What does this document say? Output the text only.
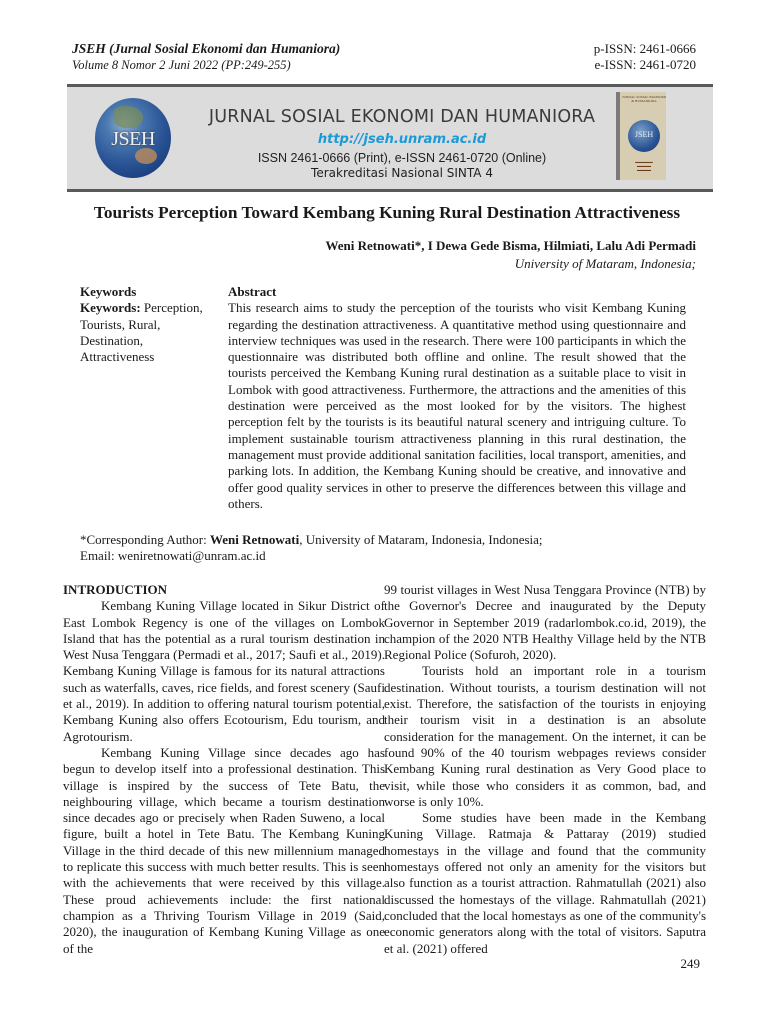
JSEH (Jurnal Sosial Ekonomi dan Humaniora)
Volume 8 Nomor 2 Juni 2022 (PP:249-255)
p-ISSN: 2461-0666
e-ISSN: 2461-0720
JSEH
JURNAL SOSIAL EKONOMI DAN HUMANIORA
http://jseh.unram.ac.id
ISSN 2461-0666 (Print), e-ISSN 2461-0720 (Online)
Terakreditasi Nasional SINTA 4
JURNAL SOSIAL EKONOMI & HUMANIORA
JSEH
▬▬▬▬▬
▬▬▬▬
▬▬▬▬
Tourists Perception Toward Kembang Kuning Rural Destination Attractiveness
Weni Retnowati*, I Dewa Gede Bisma, Hilmiati, Lalu Adi Permadi
University of Mataram, Indonesia;
Keywords
Keywords: Perception,
Tourists, Rural,
Destination,
Attractiveness
Abstract
This research aims to study the perception of the tourists who visit Kembang Kuning regarding the destination attractiveness. A quantitative method using questionnaire and interview techniques was used in the research. There were 100 participants in which the questionnaire was distributed both offline and online. The result showed that the tourists perceived the Kembang Kuning rural destination as a suitable place to visit in Lombok with good attractiveness. Furthermore, the attractions and the amenities of this destination were perceived as the most looked for by the visitors. The highest perception felt by the tourists is its beautiful natural scenery and intriguing culture. To implement sustainable tourism attractiveness planning in this rural destination, the management must provide additional sanitation facilities, local transport, amenities, and parking lots. In addition, the Kembang Kuning should be creative, and innovative and offer good quality services in other to preserve the differences between this village and others.
*Corresponding Author: Weni Retnowati, University of Mataram, Indonesia, Indonesia;
Email: weniretnowati@unram.ac.id
INTRODUCTION

Kembang Kuning Village located in Sikur District of East Lombok Regency is one of the villages on Lombok Island that has the potential as a rural tourism destination in West Nusa Tenggara (Permadi et al., 2017; Saufi et al., 2019). Kembang Kuning Village is famous for its natural attractions such as waterfalls, caves, rice fields, and forest scenery (Saufi et al., 2019). In addition to offering natural tourism potential, Kembang Kuning also offers Ecotourism, Edu tourism, and Agrotourism.

Kembang Kuning Village since decades ago has begun to develop itself into a professional destination. This village is inspired by the success of Tete Batu, the neighbouring village, which became a tourism destination since decades ago or precisely when Raden Suweno, a local figure, built a hotel in Tete Batu. The Kembang Kuning Village in the third decade of this new millennium managed to replicate this success with much better results. This is seen with the achievements that were received by this village. These proud achievements include: the first national champion as a Thriving Tourism Village in 2019 (Said, 2020), the inauguration of Kembang Kuning Village as one of the

99 tourist villages in West Nusa Tenggara Province (NTB) by the Governor's Decree and inaugurated by the Deputy Governor in September 2019 (radarlombok.co.id, 2019), the champion of the 2020 NTB Healthy Village held by the NTB Regional Police (Sofuroh, 2020).

Tourists hold an important role in a tourism destination. Without tourists, a tourism destination will not exist. Therefore, the satisfaction of the tourists in enjoying their tourism visit in a destination is an absolute consideration for the management. On the internet, it can be found 90% of the 40 tourism webpages reviews consider Kembang Kuning rural destination as Very Good place to visit, while those who considers it as common, bad, and worse is only 10%.

Some studies have been made in the Kembang Kuning Village. Ratmaja & Pattaray (2019) studied homestays in the village and found that the community homestays offered not only an amenity for the visitors but also function as a tourist attraction. Rahmatullah (2021) also discussed the homestays of the village. Rahmatullah (2021) concluded that the local homestays as one of the community's economic generators along with the total of visitors. Saputra et al. (2021) offered

249
